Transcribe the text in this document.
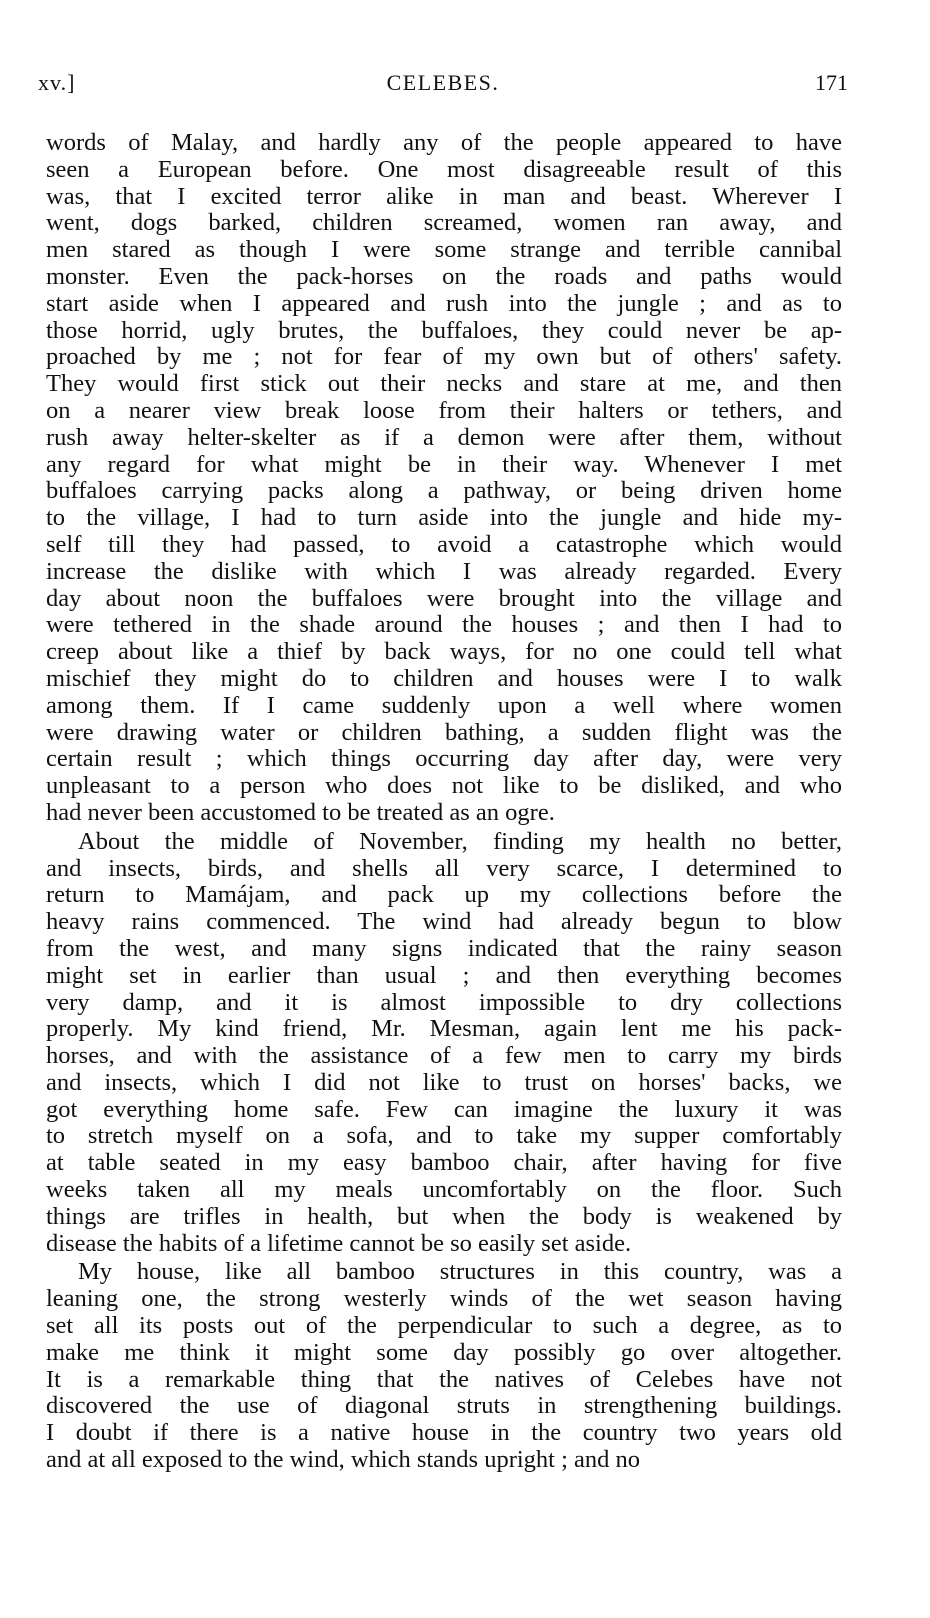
xv.]	CELEBES.	171
words of Malay, and hardly any of the people appeared to have
seen a European before. One most disagreeable result of this
was, that I excited terror alike in man and beast. Wherever I
went, dogs barked, children screamed, women ran away, and
men stared as though I were some strange and terrible cannibal
monster. Even the pack-horses on the roads and paths would
start aside when I appeared and rush into the jungle ; and as to
those horrid, ugly brutes, the buffaloes, they could never be ap-
proached by me ; not for fear of my own but of others' safety.
They would first stick out their necks and stare at me, and then
on a nearer view break loose from their halters or tethers, and
rush away helter-skelter as if a demon were after them, without
any regard for what might be in their way. Whenever I met
buffaloes carrying packs along a pathway, or being driven home
to the village, I had to turn aside into the jungle and hide my-
self till they had passed, to avoid a catastrophe which would
increase the dislike with which I was already regarded. Every
day about noon the buffaloes were brought into the village and
were tethered in the shade around the houses ; and then I had to
creep about like a thief by back ways, for no one could tell what
mischief they might do to children and houses were I to walk
among them. If I came suddenly upon a well where women
were drawing water or children bathing, a sudden flight was the
certain result ; which things occurring day after day, were very
unpleasant to a person who does not like to be disliked, and who
had never been accustomed to be treated as an ogre.
About the middle of November, finding my health no better,
and insects, birds, and shells all very scarce, I determined to
return to Mamájam, and pack up my collections before the
heavy rains commenced. The wind had already begun to blow
from the west, and many signs indicated that the rainy season
might set in earlier than usual ; and then everything becomes
very damp, and it is almost impossible to dry collections
properly. My kind friend, Mr. Mesman, again lent me his pack-
horses, and with the assistance of a few men to carry my birds
and insects, which I did not like to trust on horses' backs, we
got everything home safe. Few can imagine the luxury it was
to stretch myself on a sofa, and to take my supper comfortably
at table seated in my easy bamboo chair, after having for five
weeks taken all my meals uncomfortably on the floor. Such
things are trifles in health, but when the body is weakened by
disease the habits of a lifetime cannot be so easily set aside.
My house, like all bamboo structures in this country, was a
leaning one, the strong westerly winds of the wet season having
set all its posts out of the perpendicular to such a degree, as to
make me think it might some day possibly go over altogether.
It is a remarkable thing that the natives of Celebes have not
discovered the use of diagonal struts in strengthening buildings.
I doubt if there is a native house in the country two years old
and at all exposed to the wind, which stands upright ; and no
